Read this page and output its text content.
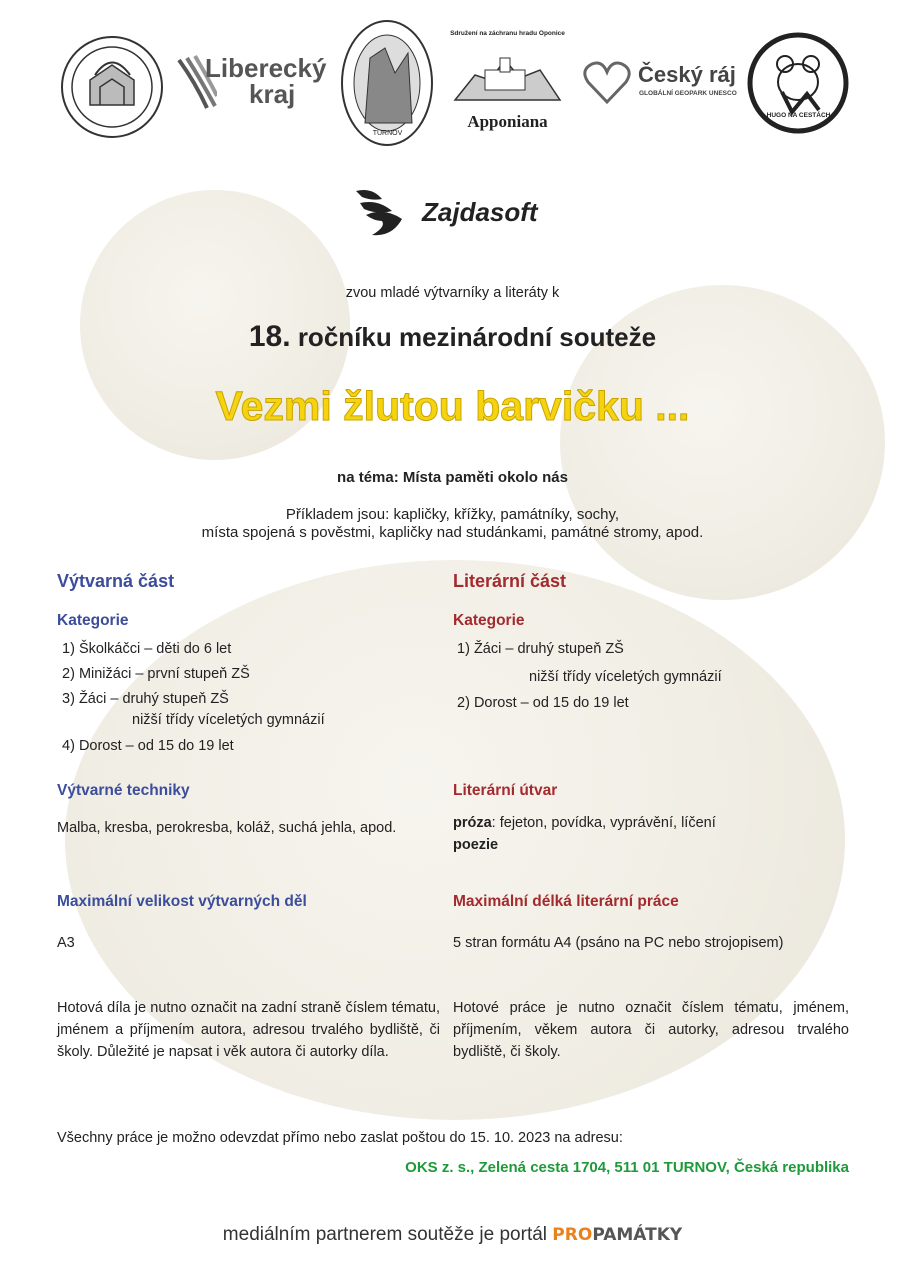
Liberecký
kraj
TURNOV
Sdružení na záchranu hradu Oponice
Apponiana
Český ráj
GLOBÁLNÍ GEOPARK UNESCO
HUGO NA CESTÁCH
Zajdasoft
zvou mladé výtvarníky a literáty k
18. ročníku mezinárodní souteže
Vezmi žlutou barvičku ...
na téma: Místa paměti okolo nás
Příkladem jsou: kapličky, křížky, památníky, sochy,
místa spojená s pověstmi, kapličky nad studánkami, památné stromy, apod.
Výtvarná část
Kategorie
1) Školkáčci – děti do 6 let
2) Minižáci – první stupeň ZŠ
3) Žáci – druhý stupeň ZŠ
nižší třídy víceletých gymnázií
4) Dorost – od 15 do 19 let
Výtvarné techniky
Malba, kresba, perokresba, koláž, suchá jehla, apod.
Maximální velikost výtvarných děl
A3
Hotová díla je nutno označit na zadní straně číslem tématu, jménem a příjmením autora, adresou trvalého bydliště, či školy. Důležité je napsat i věk autora či autorky díla.
Literární část
Kategorie
1) Žáci – druhý stupeň ZŠ
nižší třídy víceletých gymnázií
2) Dorost – od 15 do 19 let
Literární útvar
próza: fejeton, povídka, vyprávění, líčení
poezie
Maximální délká literární práce
5 stran formátu A4 (psáno na PC nebo strojopisem)
Hotové práce je nutno označit číslem tématu, jménem, příjmením, věkem autora či autorky, adresou trvalého bydliště, či školy.
Všechny práce je možno odevzdat přímo nebo zaslat poštou do 15. 10. 2023 na adresu:
OKS z. s., Zelená cesta 1704, 511 01 TURNOV, Česká republika
mediálním partnerem soutěže je portál PROPAMÁTKY
